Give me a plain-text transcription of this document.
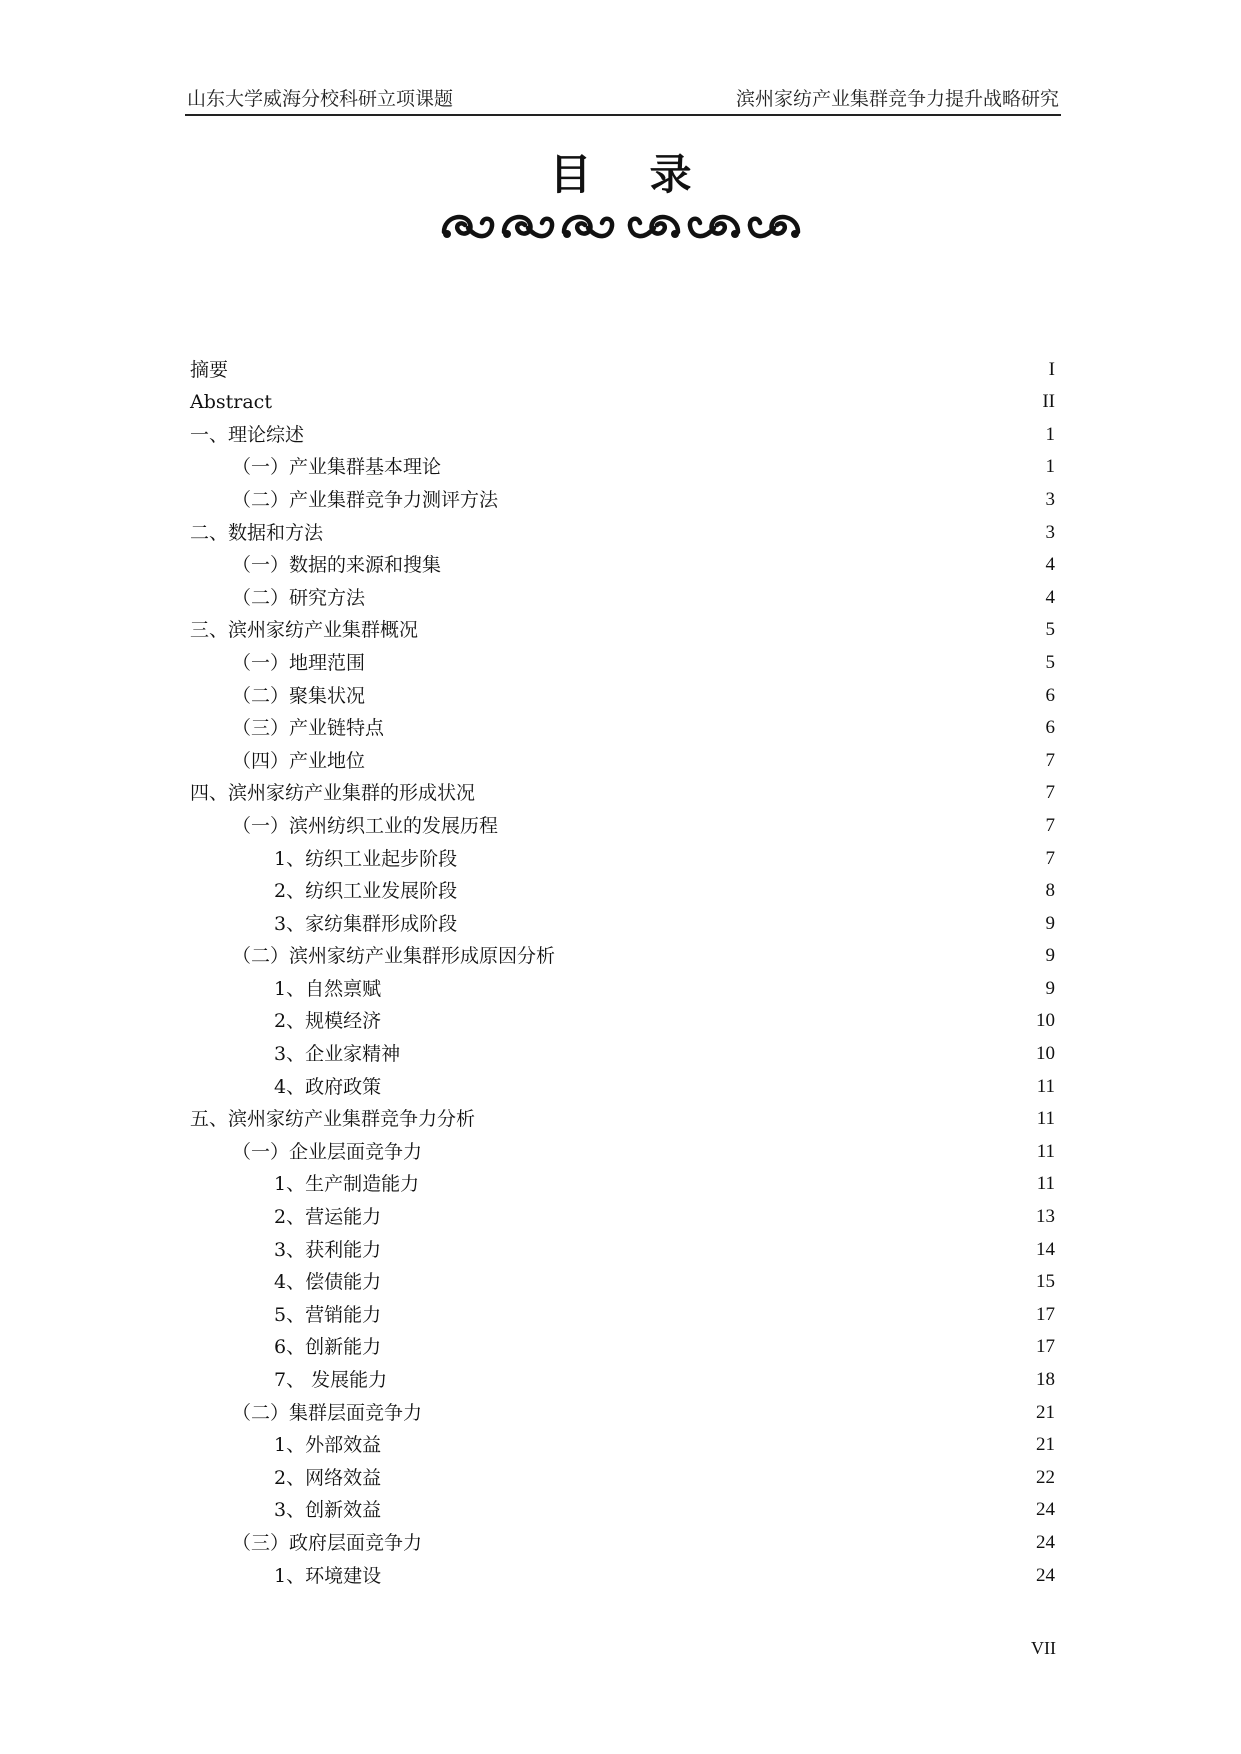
山东大学威海分校科研立项课题	滨州家纺产业集群竞争力提升战略研究
目录
摘要	I
Abstract	II
一、理论综述	1
（一）产业集群基本理论	1
（二）产业集群竞争力测评方法	3
二、数据和方法	3
（一）数据的来源和搜集	4
（二）研究方法	4
三、滨州家纺产业集群概况	5
（一）地理范围	5
（二）聚集状况	6
（三）产业链特点	6
（四）产业地位	7
四、滨州家纺产业集群的形成状况	7
（一）滨州纺织工业的发展历程	7
1、纺织工业起步阶段	7
2、纺织工业发展阶段	8
3、家纺集群形成阶段	9
（二）滨州家纺产业集群形成原因分析	9
1、自然禀赋	9
2、规模经济	10
3、企业家精神	10
4、政府政策	11
五、滨州家纺产业集群竞争力分析	11
（一）企业层面竞争力	11
1、生产制造能力	11
2、营运能力	13
3、获利能力	14
4、偿债能力	15
5、营销能力	17
6、创新能力	17
7、 发展能力	18
（二）集群层面竞争力	21
1、外部效益	21
2、网络效益	22
3、创新效益	24
（三）政府层面竞争力	24
1、环境建设	24
VII
